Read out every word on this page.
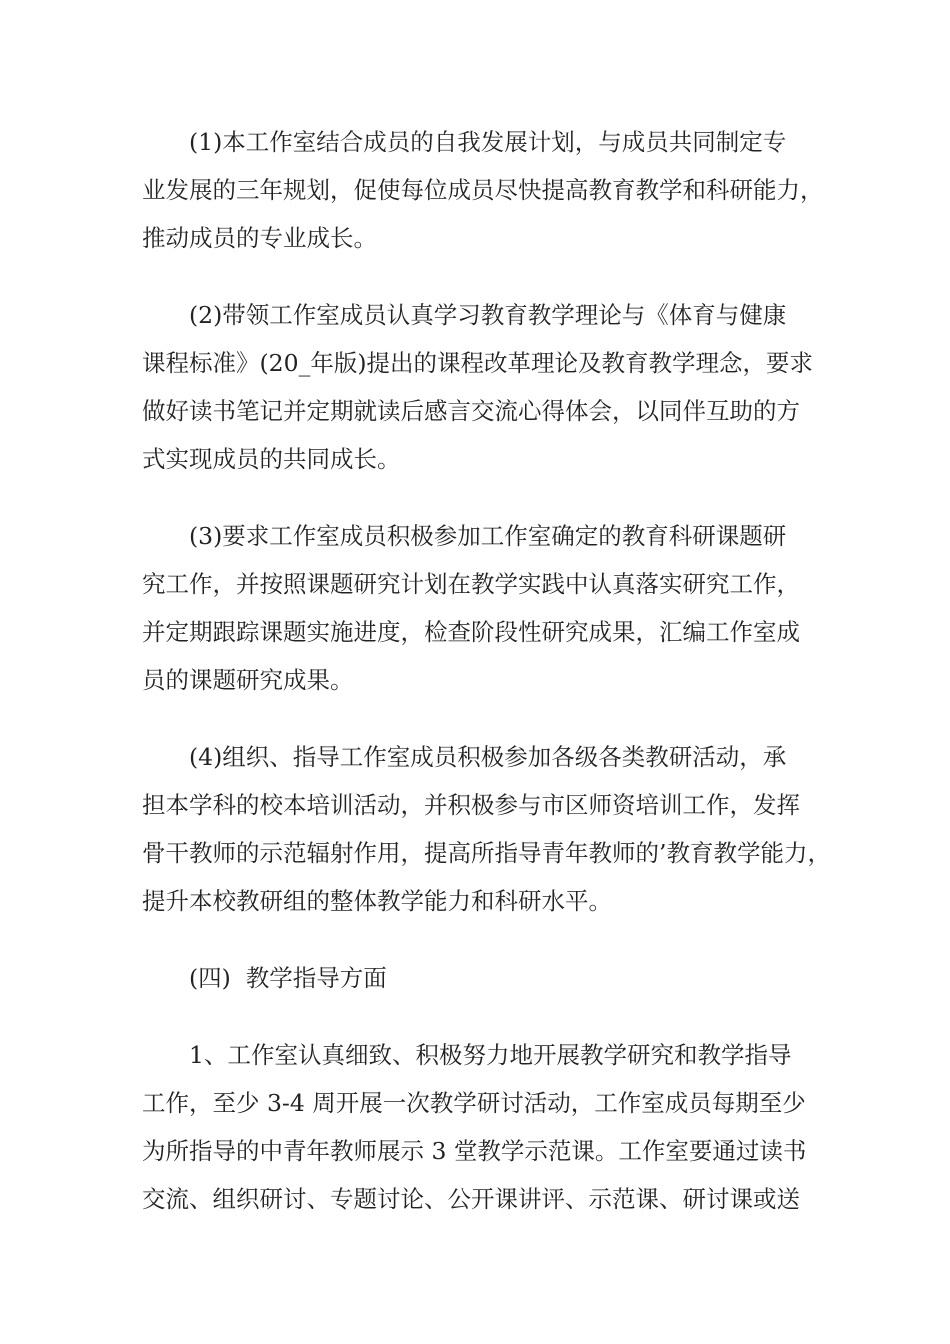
(1)本工作室结合成员的自我发展计划，与成员共同制定专
业发展的三年规划，促使每位成员尽快提高教育教学和科研能力，
推动成员的专业成长。
(2)带领工作室成员认真学习教育教学理论与《体育与健康
课程标准》(20_年版)提出的课程改革理论及教育教学理念，要求
做好读书笔记并定期就读后感言交流心得体会，以同伴互助的方
式实现成员的共同成长。
(3)要求工作室成员积极参加工作室确定的教育科研课题研
究工作，并按照课题研究计划在教学实践中认真落实研究工作，
并定期跟踪课题实施进度，检查阶段性研究成果，汇编工作室成
员的课题研究成果。
(4)组织、指导工作室成员积极参加各级各类教研活动，承
担本学科的校本培训活动，并积极参与市区师资培训工作，发挥
骨干教师的示范辐射作用，提高所指导青年教师的’教育教学能力，
提升本校教研组的整体教学能力和科研水平。
(四)  教学指导方面
1、工作室认真细致、积极努力地开展教学研究和教学指导
工作，至少 3-4 周开展一次教学研讨活动，工作室成员每期至少
为所指导的中青年教师展示 3 堂教学示范课。工作室要通过读书
交流、组织研讨、专题讨论、公开课讲评、示范课、研讨课或送
